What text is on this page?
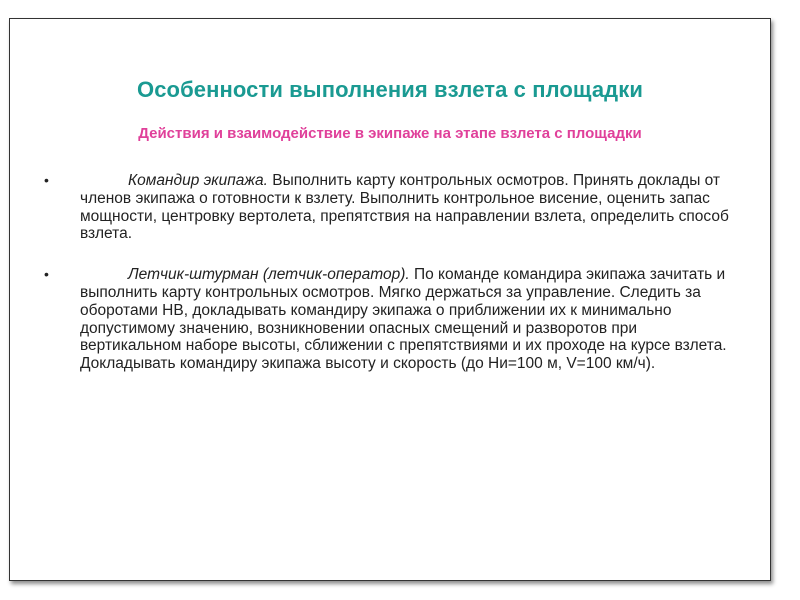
Особенности выполнения взлета с площадки
Действия и взаимодействие в экипаже на этапе взлета с площадки
•	Командир экипажа. Выполнить карту контрольных осмотров. Принять доклады от членов экипажа о готовности к взлету. Выполнить контрольное висение, оценить запас мощности, центровку вертолета, препятствия на направлении взлета, определить способ взлета.
•	Летчик-штурман (летчик-оператор). По команде командира экипажа зачитать и выполнить карту контрольных осмотров. Мягко держаться за управление. Следить за оборотами НВ, докладывать командиру экипажа о приближении их к минимально допустимому значению, возникновении опасных смещений и разворотов при вертикальном наборе высоты, сближении с препятствиями и их проходе на курсе взлета. Докладывать командиру экипажа высоту и скорость (до Ни=100 м, V=100 км/ч).
